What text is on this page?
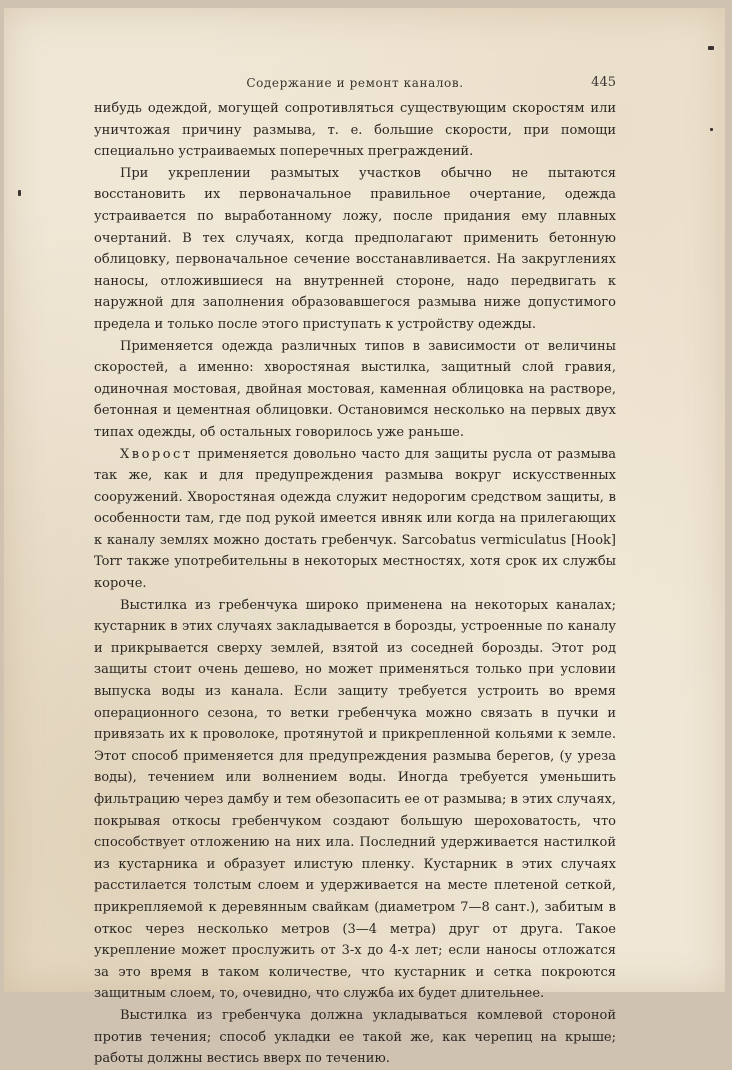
Содержание и ремонт каналов.	445

нибудь одеждой, могущей сопротивляться существующим скоростям или уничтожая причину размыва, т. е. большие скорости, при помощи специально устраиваемых поперечных преграждений.

При укреплении размытых участков обычно не пытаются восстановить их первоначальное правильное очертание, одежда устраивается по выработанному ложу, после придания ему плавных очертаний. В тех случаях, когда предполагают применить бетонную облицовку, первоначальное сечение восстанавливается. На закруглениях наносы, отложившиеся на внутренней стороне, надо передвигать к наружной для заполнения образовавшегося размыва ниже допустимого предела и только после этого приступать к устройству одежды.

Применяется одежда различных типов в зависимости от величины скоростей, а именно: хворостяная выстилка, защитный слой гравия, одиночная мостовая, двойная мостовая, каменная облицовка на растворе, бетонная и цементная облицовки. Остановимся несколько на первых двух типах одежды, об остальных говорилось уже раньше.

Хворост применяется довольно часто для защиты русла от размыва так же, как и для предупреждения размыва вокруг искусственных сооружений. Хворостяная одежда служит недорогим средством защиты, в особенности там, где под рукой имеется ивняк или когда на прилегающих к каналу землях можно достать гребенчук. Sarcobatus vermiculatus [Hook] Torr также употребительны в некоторых местностях, хотя срок их службы короче.

Выстилка из гребенчука широко применена на некоторых каналах; кустарник в этих случаях закладывается в борозды, устроенные по каналу и прикрывается сверху землей, взятой из соседней борозды. Этот род защиты стоит очень дешево, но может применяться только при условии выпуска воды из канала. Если защиту требуется устроить во время операционного сезона, то ветки гребенчука можно связать в пучки и привязать их к проволоке, протянутой и прикрепленной кольями к земле. Этот способ применяется для предупреждения размыва берегов, (у уреза воды), течением или волнением воды. Иногда требуется уменьшить фильтрацию через дамбу и тем обезопасить ее от размыва; в этих случаях, покрывая откосы гребенчуком создают большую шероховатость, что способствует отложению на них ила. Последний удерживается настилкой из кустарника и образует илистую пленку. Кустарник в этих случаях расстилается толстым слоем и удерживается на месте плетеной сеткой, прикрепляемой к деревянным свайкам (диаметром 7—8 сант.), забитым в откос через несколько метров (3—4 метра) друг от друга. Такое укрепление может прослужить от 3-х до 4-х лет; если наносы отложатся за это время в таком количестве, что кустарник и сетка покроются защитным слоем, то, очевидно, что служба их будет длительнее.

Выстилка из гребенчука должна укладываться комлевой стороной против течения; способ укладки ее такой же, как черепиц на крыше; работы должны вестись вверх по течению.
